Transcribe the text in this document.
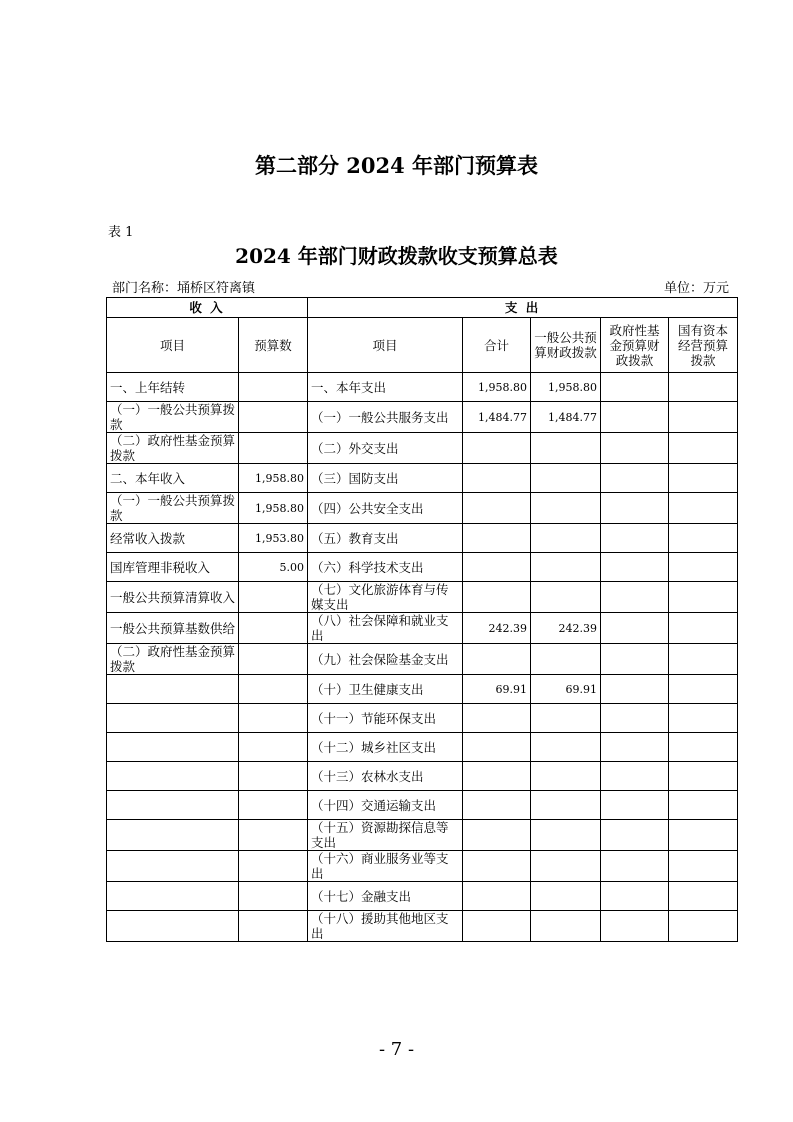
第二部分 2024 年部门预算表
表 1
2024 年部门财政拨款收支预算总表
部门名称：埇桥区符离镇	单位：万元
收 入		支 出				
项目	预算数	项目	合计	一般公共预算财政拨款	政府性基金预算财政拨款	国有资本经营预算拨款
一、上年结转		一、本年支出	1,958.80	1,958.80		
（一）一般公共预算拨款		（一）一般公共服务支出	1,484.77	1,484.77		
（二）政府性基金预算拨款		（二）外交支出				
二、本年收入	1,958.80	（三）国防支出				
（一）一般公共预算拨款	1,958.80	（四）公共安全支出				
经常收入拨款	1,953.80	（五）教育支出				
国库管理非税收入	5.00	（六）科学技术支出				
一般公共预算清算收入		（七）文化旅游体育与传媒支出				
一般公共预算基数供给		（八）社会保障和就业支出	242.39	242.39		
（二）政府性基金预算拨款		（九）社会保险基金支出				
		（十）卫生健康支出	69.91	69.91		
		（十一）节能环保支出				
		（十二）城乡社区支出				
		（十三）农林水支出				
		（十四）交通运输支出				
		（十五）资源勘探信息等支出				
		（十六）商业服务业等支出				
		（十七）金融支出				
		（十八）援助其他地区支出				
- 7 -
